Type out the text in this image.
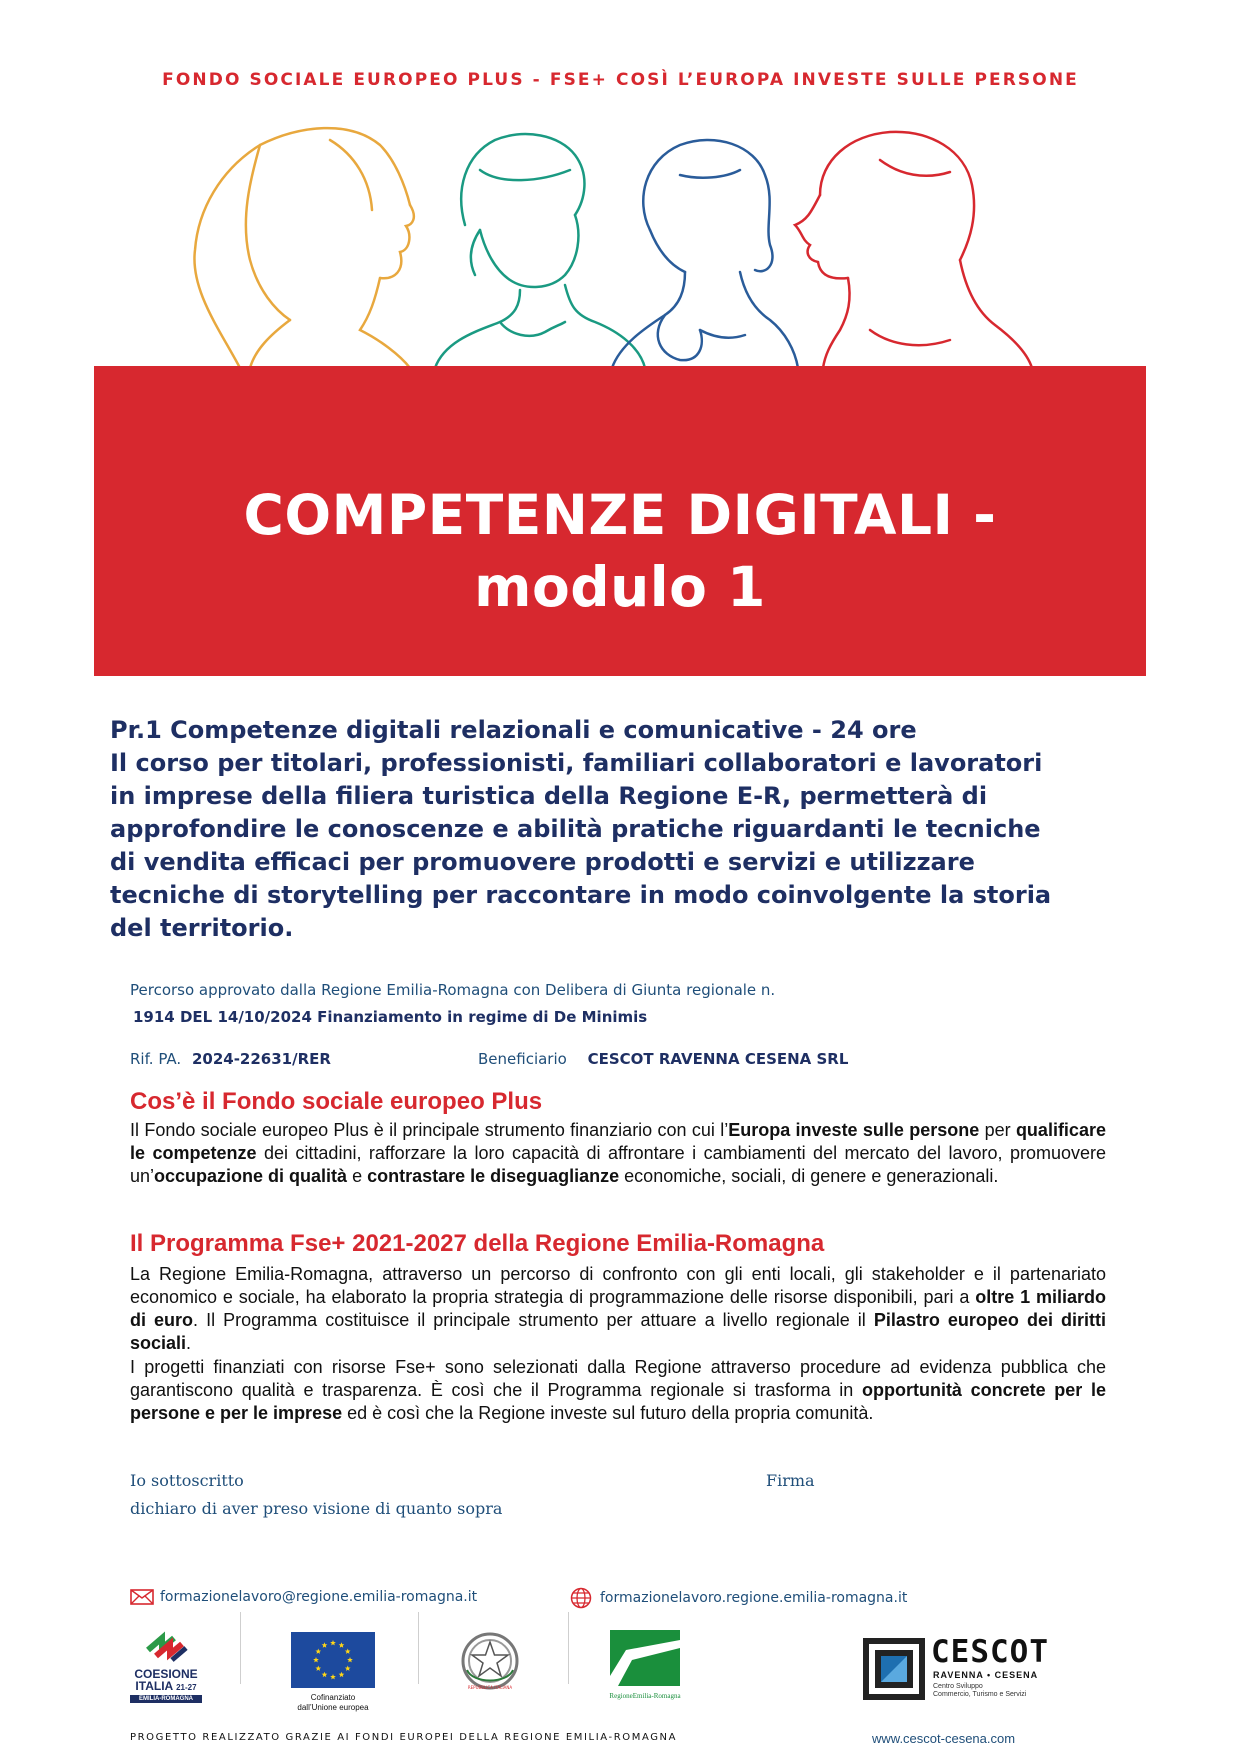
FONDO SOCIALE EUROPEO PLUS - FSE+ COSÌ L’EUROPA INVESTE SULLE PERSONE
COMPETENZE DIGITALI -
modulo 1
Pr.1 Competenze digitali relazionali e comunicative - 24 ore
Il corso per titolari, professionisti, familiari collaboratori e lavoratori
in imprese della filiera turistica della Regione E-R, permetterà di
approfondire le conoscenze e abilità pratiche riguardanti le tecniche
di vendita efficaci per promuovere prodotti e servizi e utilizzare
tecniche di storytelling per raccontare in modo coinvolgente la storia
del territorio.
Percorso approvato dalla Regione Emilia-Romagna con Delibera di Giunta regionale n.
1914 DEL 14/10/2024 Finanziamento in regime di De Minimis
Rif. PA. 2024-22631/RER	Beneficiario CESCOT RAVENNA CESENA SRL
Cos’è il Fondo sociale europeo Plus
Il Fondo sociale europeo Plus è il principale strumento finanziario con cui l’Europa investe sulle persone per qualificare le competenze dei cittadini, rafforzare la loro capacità di affrontare i cambiamenti del mercato del lavoro, promuovere un’occupazione di qualità e contrastare le diseguaglianze economiche, sociali, di genere e generazionali.
Il Programma Fse+ 2021-2027 della Regione Emilia-Romagna
La Regione Emilia-Romagna, attraverso un percorso di confronto con gli enti locali, gli stakeholder e il partenariato economico e sociale, ha elaborato la propria strategia di programmazione delle risorse disponibili, pari a oltre 1 miliardo di euro. Il Programma costituisce il principale strumento per attuare a livello regionale il Pilastro europeo dei diritti sociali.
I progetti finanziati con risorse Fse+ sono selezionati dalla Regione attraverso procedure ad evidenza pubblica che garantiscono qualità e trasparenza. È così che il Programma regionale si trasforma in opportunità concrete per le persone e per le imprese ed è così che la Regione investe sul futuro della propria comunità.
Io sottoscritto
dichiaro di aver preso visione di quanto sopra
Firma
formazionelavoro@regione.emilia-romagna.it	formazionelavoro.regione.emilia-romagna.it
COESIONE
ITALIA 21-27
EMILIA-ROMAGNA	Cofinanziato
dall’Unione europea
REPUBBLICA ITALIANA
RegioneEmilia-Romagna
CESCOT
RAVENNA • CESENA
Centro Sviluppo
Commercio, Turismo e Servizi
PROGETTO REALIZZATO GRAZIE AI FONDI EUROPEI DELLA REGIONE EMILIA-ROMAGNA	www.cescot-cesena.com
